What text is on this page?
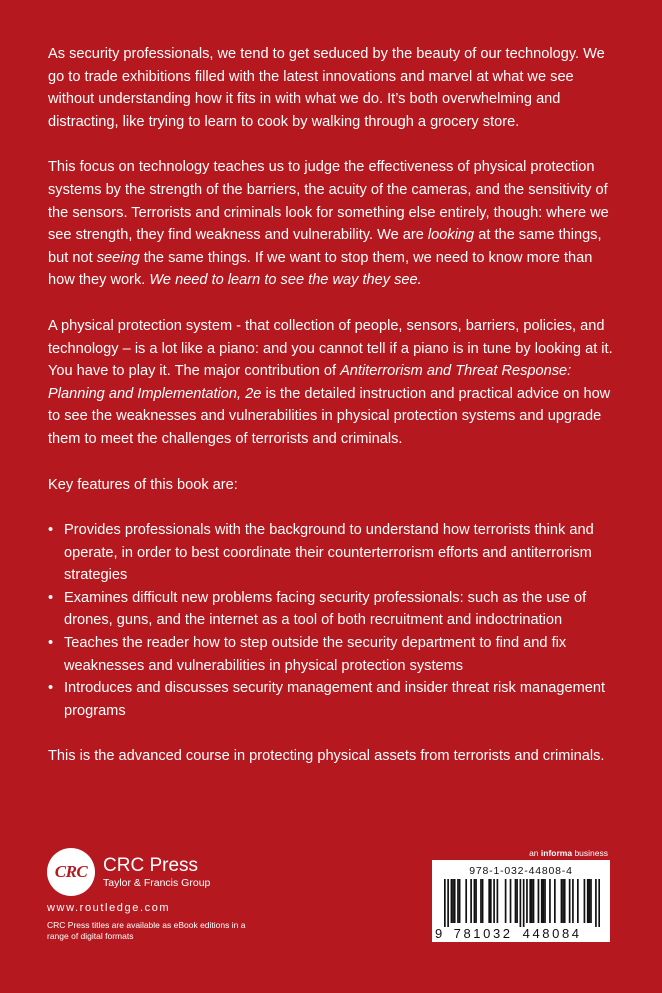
As security professionals, we tend to get seduced by the beauty of our technology. We go to trade exhibitions filled with the latest innovations and marvel at what we see without understanding how it fits in with what we do. It’s both overwhelming and distracting, like trying to learn to cook by walking through a grocery store.

This focus on technology teaches us to judge the effectiveness of physical protection systems by the strength of the barriers, the acuity of the cameras, and the sensitivity of the sensors. Terrorists and criminals look for something else entirely, though: where we see strength, they find weakness and vulnerability. We are looking at the same things, but not seeing the same things. If we want to stop them, we need to know more than how they work. We need to learn to see the way they see.

A physical protection system - that collection of people, sensors, barriers, policies, and technology – is a lot like a piano: and you cannot tell if a piano is in tune by looking at it. You have to play it. The major contribution of Antiterrorism and Threat Response: Planning and Implementation, 2e is the detailed instruction and practical advice on how to see the weaknesses and vulnerabilities in physical protection systems and upgrade them to meet the challenges of terrorists and criminals.

Key features of this book are:

• Provides professionals with the background to understand how terrorists think and operate, in order to best coordinate their counterterrorism efforts and antiterrorism strategies
• Examines difficult new problems facing security professionals: such as the use of drones, guns, and the internet as a tool of both recruitment and indoctrination
• Teaches the reader how to step outside the security department to find and fix weaknesses and vulnerabilities in physical protection systems
• Introduces and discusses security management and insider threat risk management programs

This is the advanced course in protecting physical assets from terrorists and criminals.

CRC CRC Press
Taylor & Francis Group
www.routledge.com
CRC Press titles are available as eBook editions in a range of digital formats
an informa business
978-1-032-44808-4
9 781032 448084
